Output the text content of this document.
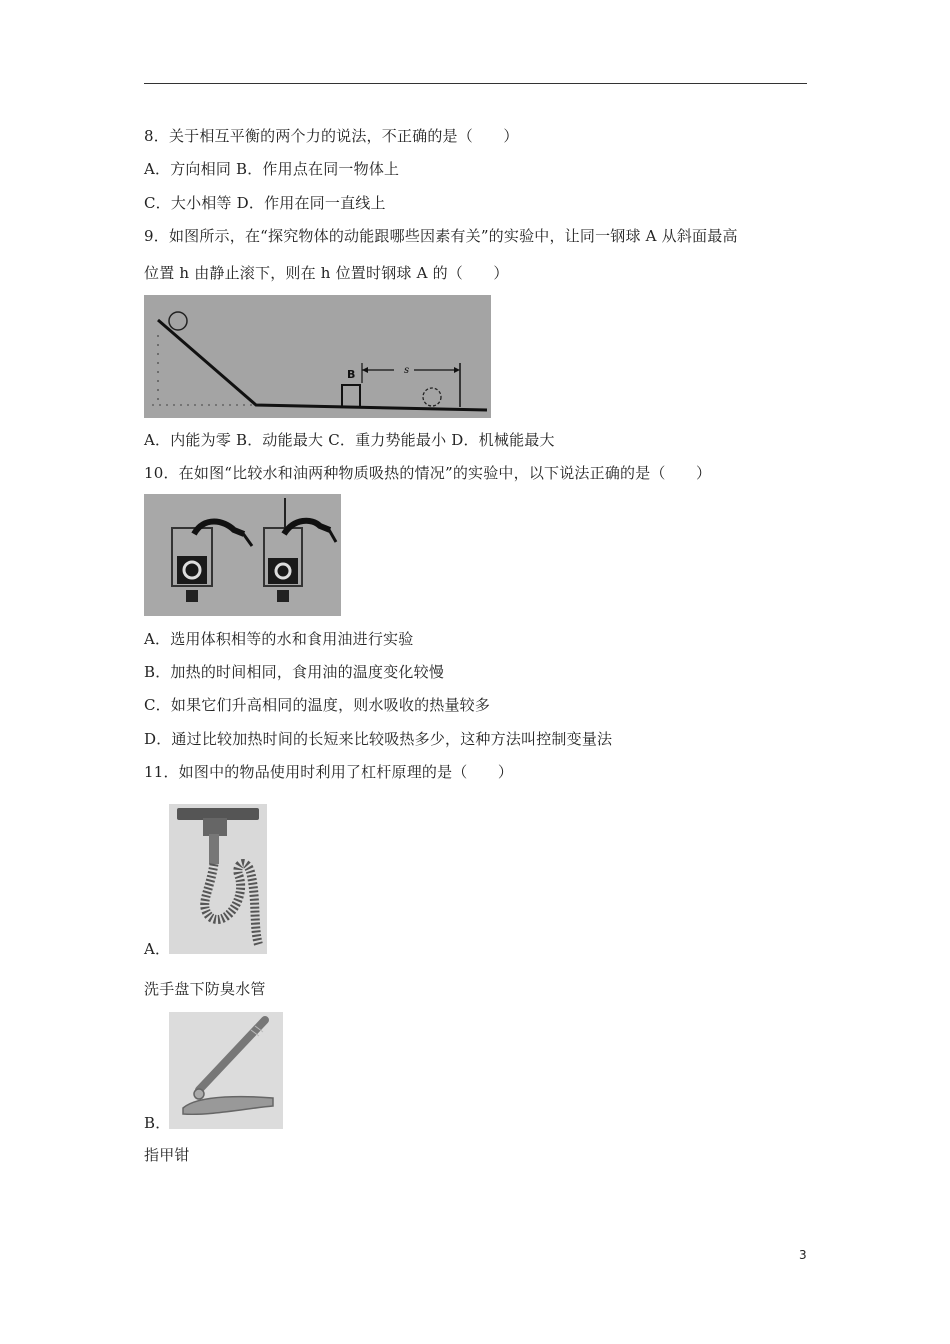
8．关于相互平衡的两个力的说法，不正确的是（　　）
A．方向相同 B．作用点在同一物体上
C．大小相等 D．作用在同一直线上
9．如图所示，在“探究物体的动能跟哪些因素有关”的实验中，让同一钢球 A 从斜面最高
位置 h 由静止滚下，则在 h 位置时钢球 A 的（　　）
B	s
A．内能为零 B．动能最大 C．重力势能最小 D．机械能最大
10．在如图“比较水和油两种物质吸热的情况”的实验中，以下说法正确的是（　　）
A．选用体积相等的水和食用油进行实验
B．加热的时间相同，食用油的温度变化较慢
C．如果它们升高相同的温度，则水吸收的热量较多
D．通过比较加热时间的长短来比较吸热多少，这种方法叫控制变量法
11．如图中的物品使用时利用了杠杆原理的是（　　）
A．
洗手盘下防臭水管
B．
指甲钳
3
